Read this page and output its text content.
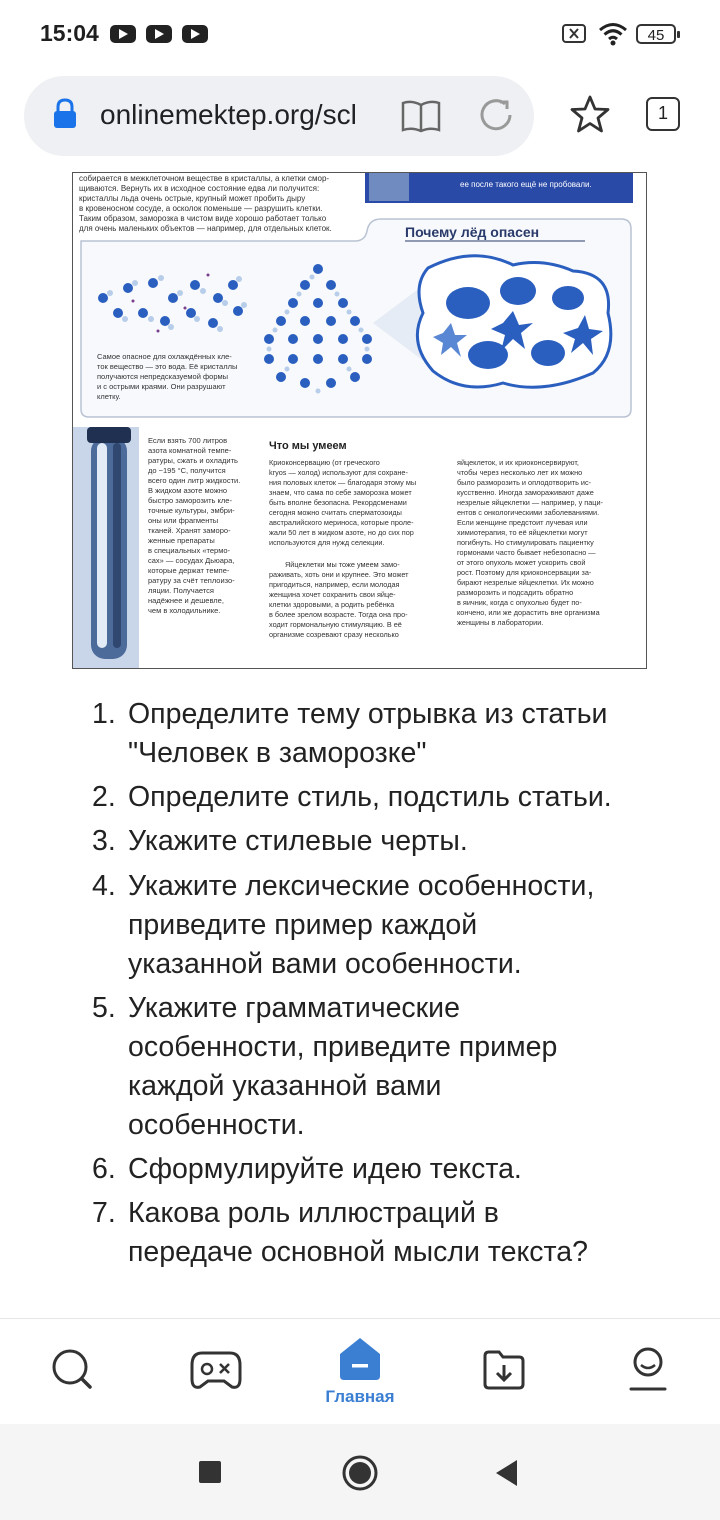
15:04	45
onlinemektep.org/scl	1
собирается в межклеточном веществе в кристаллы, а клетки смор-
щиваются. Вернуть их в исходное состояние едва ли получится:
кристаллы льда очень острые, крупный может пробить дыру
в кровеносном сосуде, а осколок поменьше — разрушить клетки.
Таким образом, заморозка в чистом виде хорошо работает только
для очень маленьких объектов — например, для отдельных клеток.
ее после такого ещё не пробовали.
Почему лёд опасен
Самое опасное для охлаждённых кле-
ток вещество — это вода. Её кристаллы
получаются непредсказуемой формы
и с острыми краями. Они разрушают
клетку.
Если взять 700 литров
азота комнатной темпе-
ратуры, сжать и охладить
до −195 °С, получится
всего один литр жидкости.
В жидком азоте можно
быстро заморозить кле-
точные культуры, эмбри-
оны или фрагменты
тканей. Хранят заморо-
женные препараты
в специальных «термо-
сах» — сосудах Дьюара,
которые держат темпе-
ратуру за счёт теплоизо-
ляции. Получается
надёжнее и дешевле,
чем в холодильнике.
Что мы умеем
Криоконсервацию (от греческого
kryos — холод) используют для сохране-
ния половых клеток — благодаря этому мы
знаем, что сама по себе заморозка может
быть вполне безопасна. Рекордсменами
сегодня можно считать сперматозоиды
австралийского мериноса, которые проле-
жали 50 лет в жидком азоте, но до сих пор
используются для нужд селекции.
Яйцеклетки мы тоже умеем замо-
раживать, хоть они и крупнее. Это может
пригодиться, например, если молодая
женщина хочет сохранить свои яйце-
клетки здоровыми, а родить ребёнка
в более зрелом возрасте. Тогда она про-
ходит гормональную стимуляцию. В её
организме созревают сразу несколько
яйцеклеток, и их криоконсервируют,
чтобы через несколько лет их можно
было разморозить и оплодотворить ис-
кусственно. Иногда замораживают даже
незрелые яйцеклетки — например, у паци-
ентов с онкологическими заболеваниями.
Если женщине предстоит лучевая или
химиотерапия, то её яйцеклетки могут
погибнуть. Но стимулировать пациентку
гормонами часто бывает небезопасно —
от этого опухоль может ускорить свой
рост. Поэтому для криоконсервации за-
бирают незрелые яйцеклетки. Их можно
разморозить и подсадить обратно
в яичник, когда с опухолью будет по-
кончено, или же дорастить вне организма
женщины в лаборатории.
1. Определите тему отрывка из статьи
"Человек в заморозке"
2. Определите стиль, подстиль статьи.
3. Укажите стилевые черты.
4. Укажите лексические особенности,
приведите пример каждой
указанной вами особенности.
5. Укажите грамматические
особенности, приведите пример
каждой указанной вами
особенности.
6. Сформулируйте идею текста.
7. Какова роль иллюстраций в
передаче основной мысли текста?
Главная
